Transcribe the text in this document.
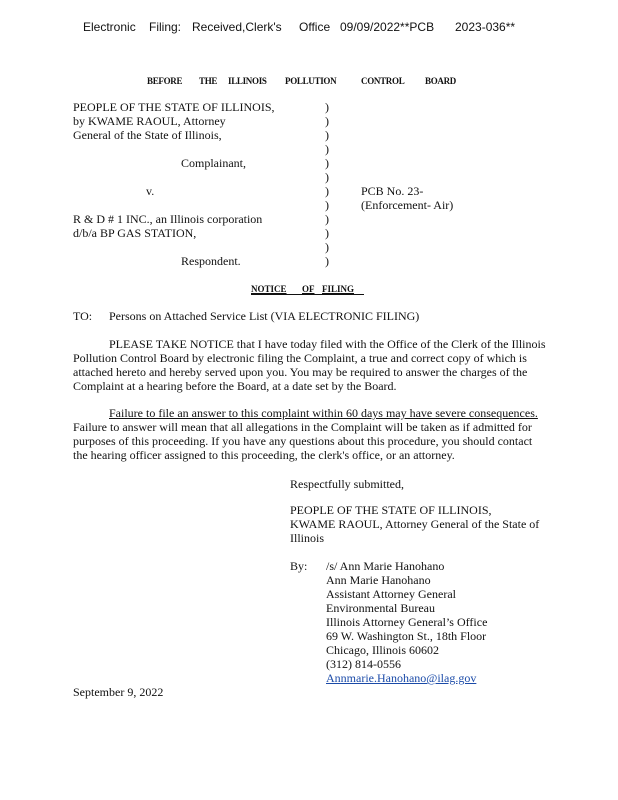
Electronic Filing: Received,Clerk's Office 09/09/2022**PCB 2023-036**
BEFORE THE ILLINOIS POLLUTION	CONTROL BOARD
PEOPLE OF THE STATE OF ILLINOIS,
by KWAME RAOUL, Attorney
General of the State of Illinois,
Complainant,
v.
R & D # 1 INC., an Illinois corporation
d/b/a BP GAS STATION,
Respondent.
)
)
)
)
)
)
)
)
)
)
)
)
PCB No. 23-
(Enforcement- Air)
NOTICE OF FILING
TO: Persons on Attached Service List (VIA ELECTRONIC FILING)
PLEASE TAKE NOTICE that I have today filed with the Office of the Clerk of the Illinois
Pollution Control Board by electronic filing the Complaint, a true and correct copy of which is
attached hereto and hereby served upon you. You may be required to answer the charges of the
Complaint at a hearing before the Board, at a date set by the Board.
Failure to file an answer to this complaint within 60 days may have severe consequences.
Failure to answer will mean that all allegations in the Complaint will be taken as if admitted for
purposes of this proceeding. If you have any questions about this procedure, you should contact
the hearing officer assigned to this proceeding, the clerk's office, or an attorney.
Respectfully submitted,
PEOPLE OF THE STATE OF ILLINOIS,
KWAME RAOUL, Attorney General of the State of
Illinois
By: /s/ Ann Marie Hanohano
Ann Marie Hanohano
Assistant Attorney General
Environmental Bureau
Illinois Attorney General’s Office
69 W. Washington St., 18th Floor
Chicago, Illinois 60602
(312) 814-0556
Annmarie.Hanohano@ilag.gov
September 9, 2022
